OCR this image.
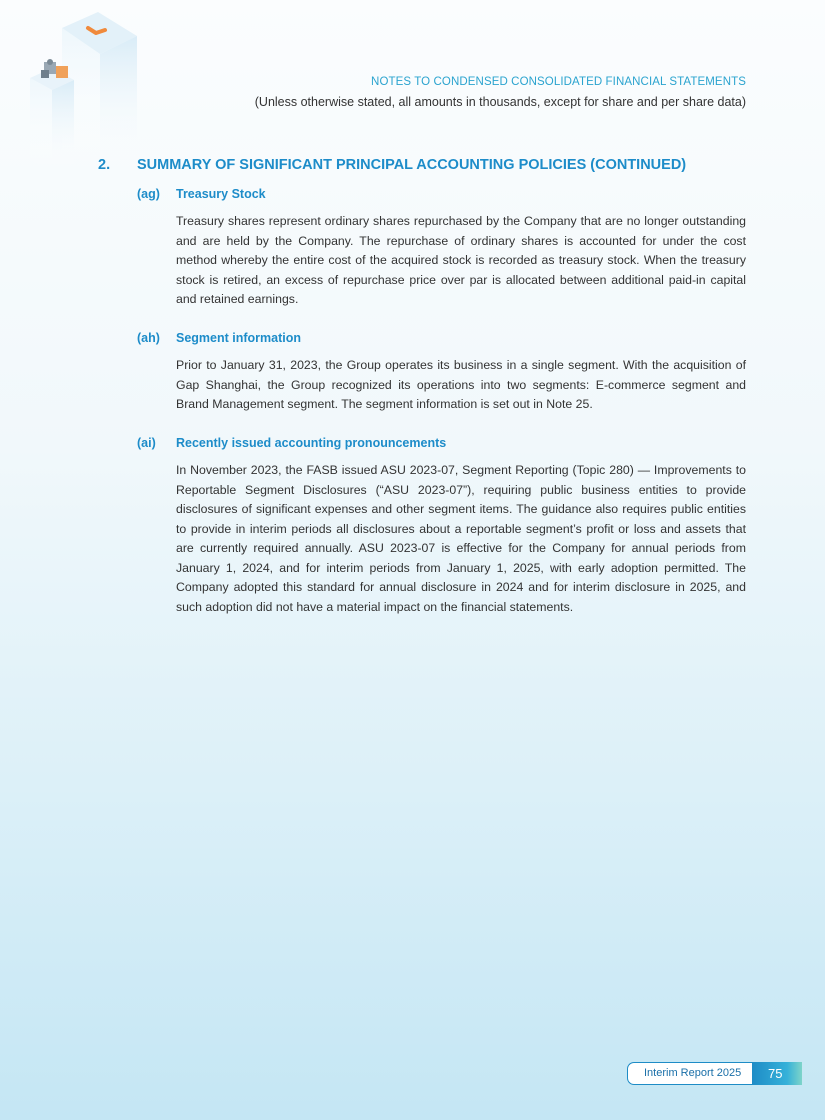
NOTES TO CONDENSED CONSOLIDATED FINANCIAL STATEMENTS
(Unless otherwise stated, all amounts in thousands, except for share and per share data)
2.	SUMMARY OF SIGNIFICANT PRINCIPAL ACCOUNTING POLICIES (CONTINUED)
(ag)	Treasury Stock
Treasury shares represent ordinary shares repurchased by the Company that are no longer outstanding and are held by the Company. The repurchase of ordinary shares is accounted for under the cost method whereby the entire cost of the acquired stock is recorded as treasury stock. When the treasury stock is retired, an excess of repurchase price over par is allocated between additional paid-in capital and retained earnings.
(ah)	Segment information
Prior to January 31, 2023, the Group operates its business in a single segment. With the acquisition of Gap Shanghai, the Group recognized its operations into two segments: E-commerce segment and Brand Management segment. The segment information is set out in Note 25.
(ai)	Recently issued accounting pronouncements
In November 2023, the FASB issued ASU 2023-07, Segment Reporting (Topic 280) — Improvements to Reportable Segment Disclosures (“ASU 2023-07”), requiring public business entities to provide disclosures of significant expenses and other segment items. The guidance also requires public entities to provide in interim periods all disclosures about a reportable segment’s profit or loss and assets that are currently required annually. ASU 2023-07 is effective for the Company for annual periods from January 1, 2024, and for interim periods from January 1, 2025, with early adoption permitted. The Company adopted this standard for annual disclosure in 2024 and for interim disclosure in 2025, and such adoption did not have a material impact on the financial statements.
Interim Report 2025	75
